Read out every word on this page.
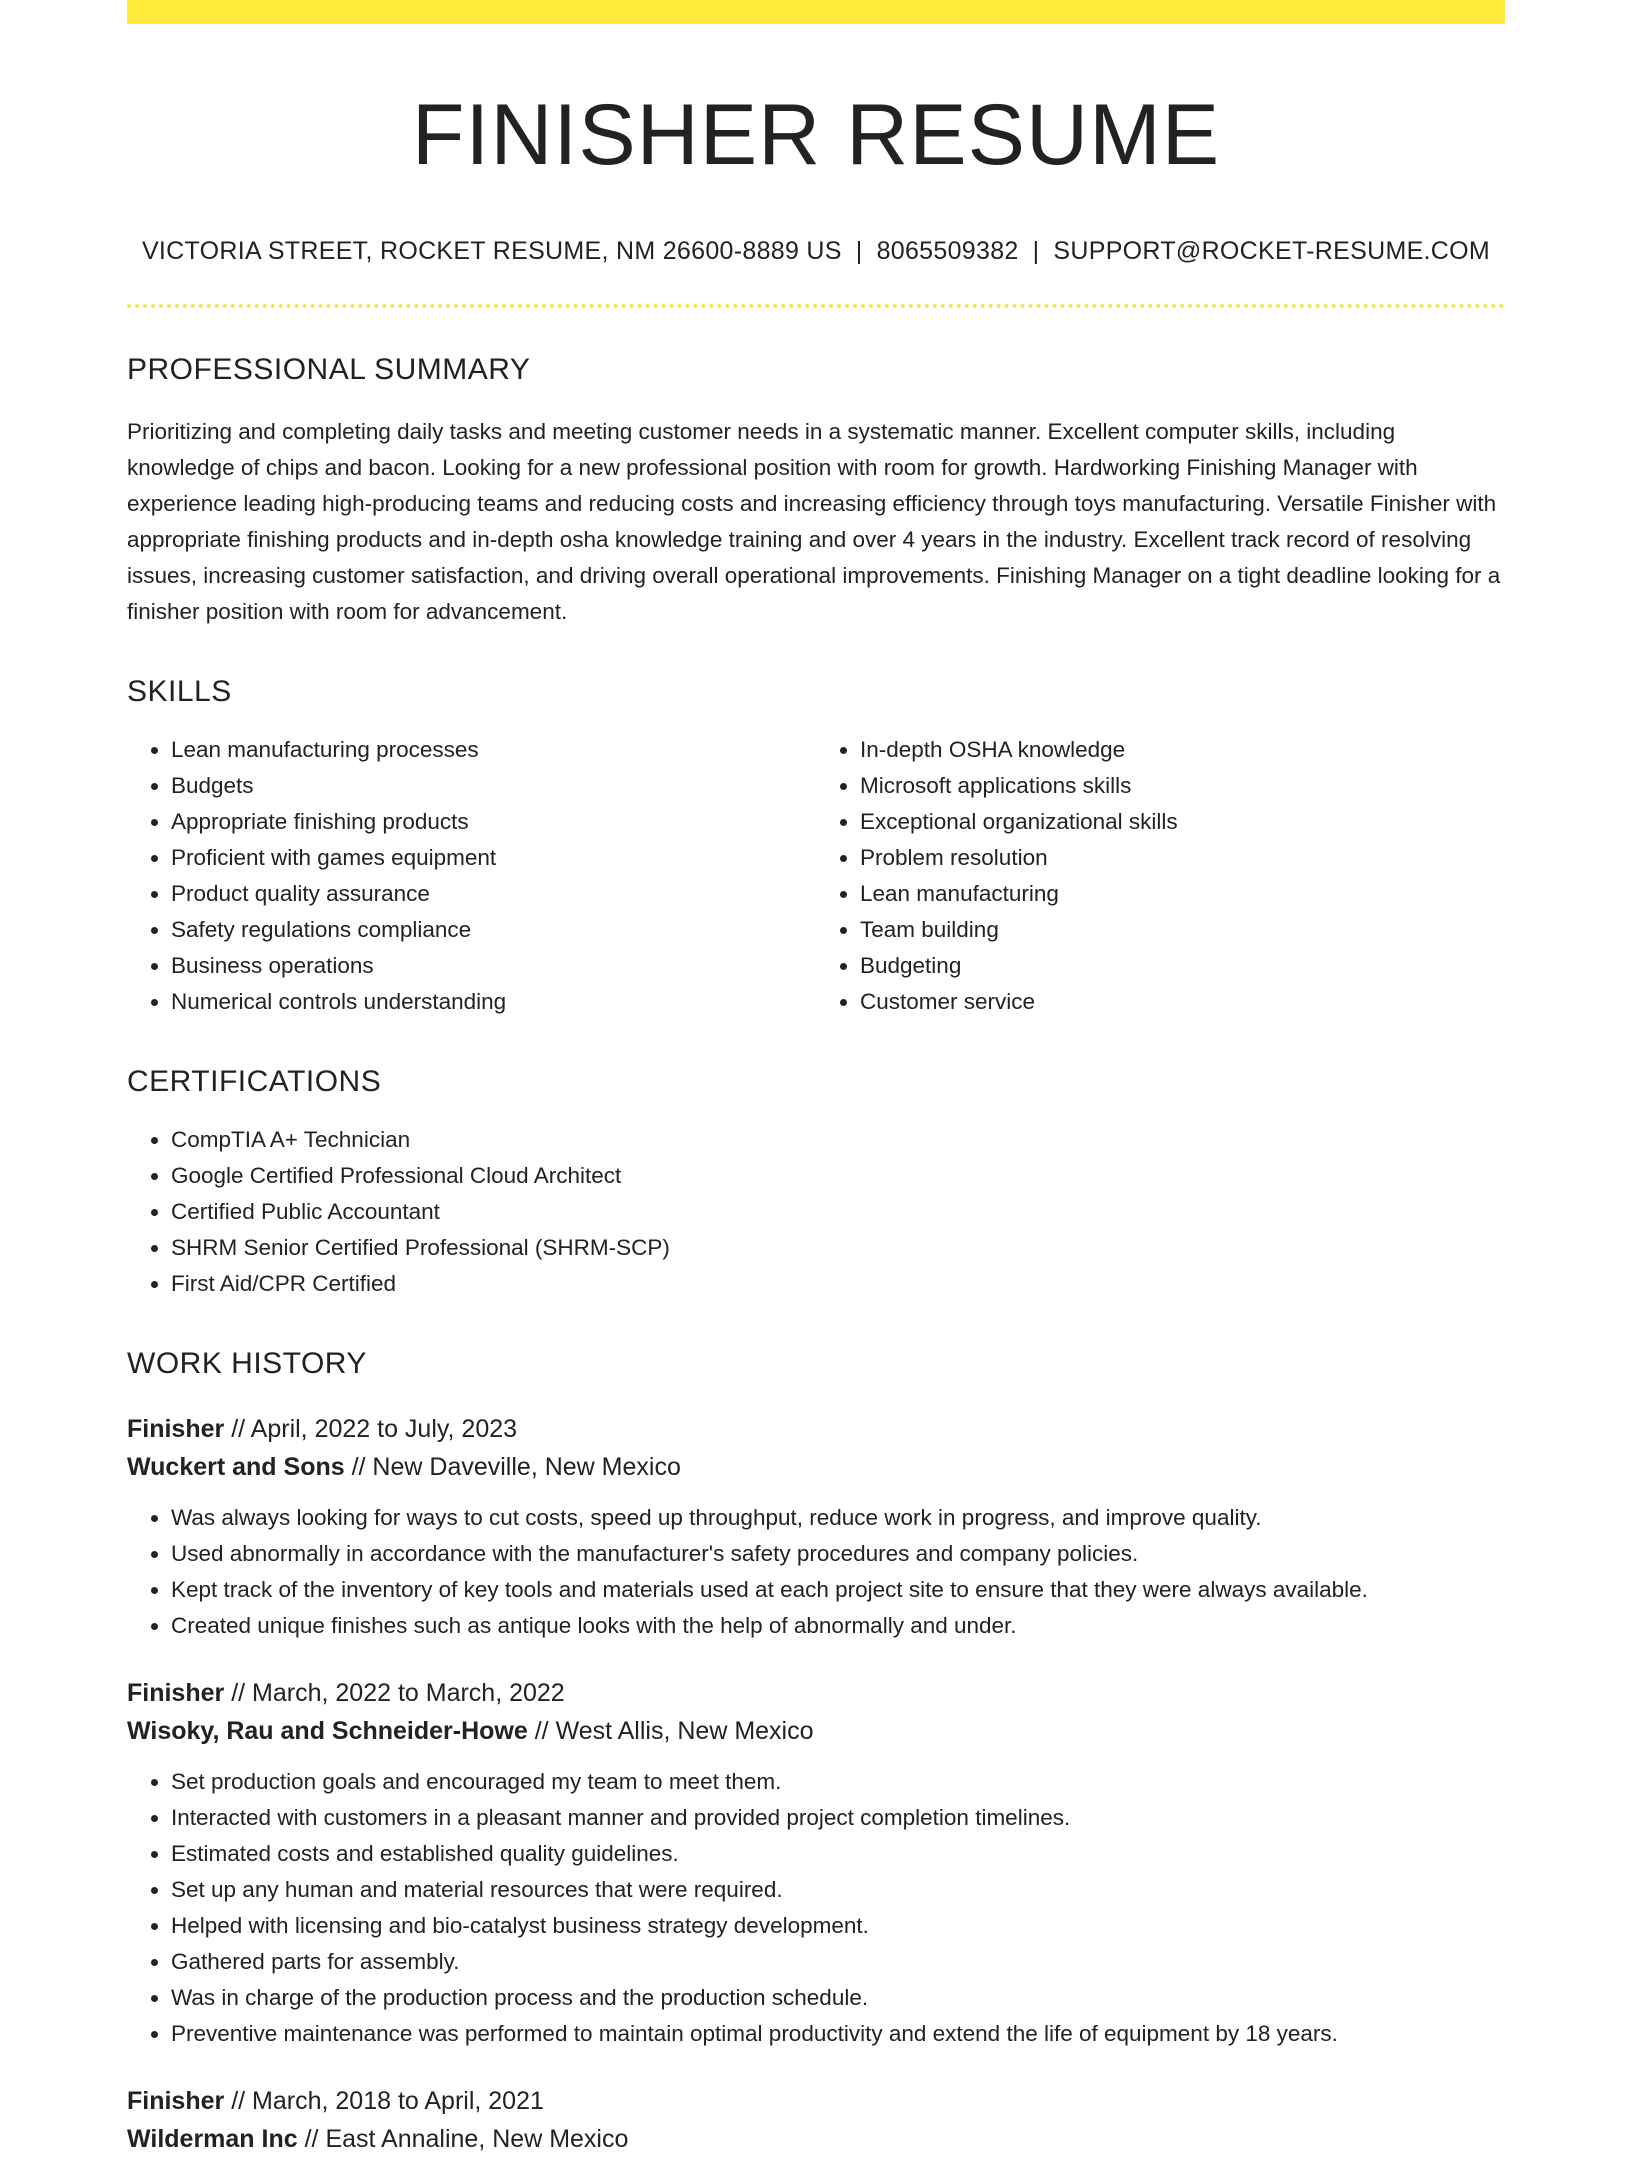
FINISHER RESUME
VICTORIA STREET, ROCKET RESUME, NM 26600-8889 US | 8065509382 | SUPPORT@ROCKET-RESUME.COM
PROFESSIONAL SUMMARY

Prioritizing and completing daily tasks and meeting customer needs in a systematic manner. Excellent computer skills, including knowledge of chips and bacon. Looking for a new professional position with room for growth. Hardworking Finishing Manager with experience leading high-producing teams and reducing costs and increasing efficiency through toys manufacturing. Versatile Finisher with appropriate finishing products and in-depth osha knowledge training and over 4 years in the industry. Excellent track record of resolving issues, increasing customer satisfaction, and driving overall operational improvements. Finishing Manager on a tight deadline looking for a finisher position with room for advancement.

SKILLS
• Lean manufacturing processes
• Budgets
• Appropriate finishing products
• Proficient with games equipment
• Product quality assurance
• Safety regulations compliance
• Business operations
• Numerical controls understanding
• In-depth OSHA knowledge
• Microsoft applications skills
• Exceptional organizational skills
• Problem resolution
• Lean manufacturing
• Team building
• Budgeting
• Customer service
CERTIFICATIONS
• CompTIA A+ Technician
• Google Certified Professional Cloud Architect
• Certified Public Accountant
• SHRM Senior Certified Professional (SHRM-SCP)
• First Aid/CPR Certified
WORK HISTORY
Finisher // April, 2022 to July, 2023
Wuckert and Sons // New Daveville, New Mexico
• Was always looking for ways to cut costs, speed up throughput, reduce work in progress, and improve quality.
• Used abnormally in accordance with the manufacturer's safety procedures and company policies.
• Kept track of the inventory of key tools and materials used at each project site to ensure that they were always available.
• Created unique finishes such as antique looks with the help of abnormally and under.
Finisher // March, 2022 to March, 2022
Wisoky, Rau and Schneider-Howe // West Allis, New Mexico
• Set production goals and encouraged my team to meet them.
• Interacted with customers in a pleasant manner and provided project completion timelines.
• Estimated costs and established quality guidelines.
• Set up any human and material resources that were required.
• Helped with licensing and bio-catalyst business strategy development.
• Gathered parts for assembly.
• Was in charge of the production process and the production schedule.
• Preventive maintenance was performed to maintain optimal productivity and extend the life of equipment by 18 years.
Finisher // March, 2018 to April, 2021
Wilderman Inc // East Annaline, New Mexico
